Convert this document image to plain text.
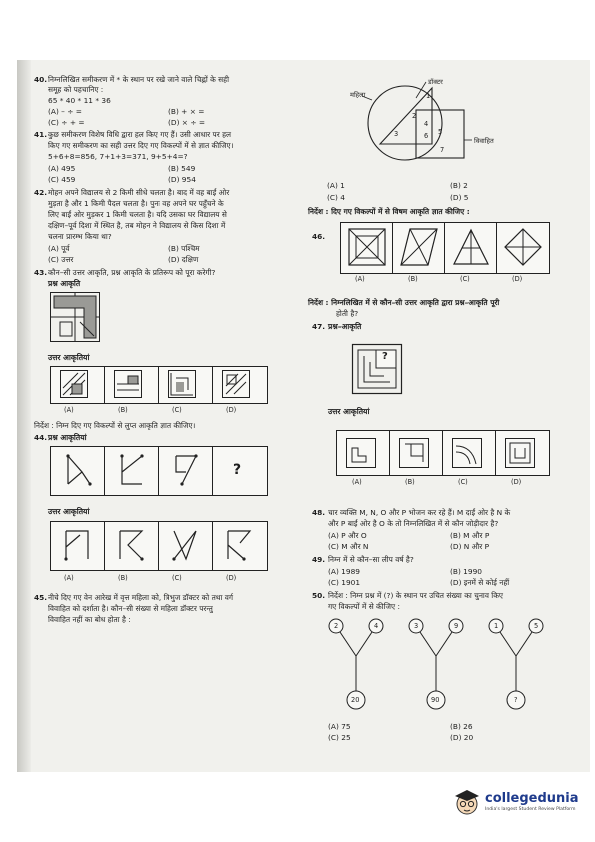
40. निम्नलिखित समीकरण में * के स्थान पर रखे जाने वाले चिह्नों के सही
समूह को पहचानिए :
65 * 40 * 11 * 36
(A) – ÷ =	(B) + × =
(C) ÷ + =	(D) × ÷ =
41. कुछ समीकरण विशेष विधि द्वारा हल किए गए हैं। उसी आधार पर हल
किए गए समीकरण का सही उत्तर दिए गए विकल्पों में से ज्ञात कीजिए।
5+6+8=856, 7+1+3=371, 9+5+4=?
(A) 495	(B) 549
(C) 459	(D) 954
42. मोहन अपने विद्यालय से 2 किमी सीधे चलता है। बाद में वह बाईं ओर
मुड़ता है और 1 किमी पैदल चलता है। पुनः वह अपने घर पहुँचने के
लिए बाईं ओर मुड़कर 1 किमी चलता है। यदि उसका घर विद्यालय से
दक्षिण–पूर्व दिशा में स्थित है, तब मोहन ने विद्यालय से किस दिशा में
चलना प्रारम्भ किया था?
(A) पूर्व	(B) पश्चिम
(C) उत्तर	(D) दक्षिण
43. कौन–सी उत्तर आकृति, प्रश्न आकृति के प्रतिरूप को पूरा करेगी?
प्रश्न आकृति
उत्तर आकृतियां
(A)	(B)	(C)	(D)
निर्देश : निम्न दिए गए विकल्पों से लुप्त आकृति ज्ञात कीजिए।
44. प्रश्न आकृतियां
?
उत्तर आकृतियां
(A)	(B)	(C)	(D)
45. नीचे दिए गए वेन आरेख में वृत्त महिला को, त्रिभुज डॉक्टर को तथा वर्ग
विवाहित को दर्शाता है। कौन–सी संख्या से महिला डॉक्टर परन्तु
विवाहित नहीं का बोध होता है :
महिला
डॉक्टर
विवाहित
1
2
3
4
5
6
7
(A) 1	(B) 2
(C) 4	(D) 5
निर्देश : दिए गए विकल्पों में से विषम आकृति ज्ञात कीजिए :
46.
(A)	(B)	(C)	(D)
निर्देश : निम्नलिखित में से कौन–सी उत्तर आकृति द्वारा प्रश्न–आकृति पूरी
होती है?
47. प्रश्न–आकृति
?
उत्तर आकृतियां
(A)	(B)	(C)	(D)
48. चार व्यक्ति M, N, O और P भोजन कर रहे हैं। M दाईं ओर है N के
और P बाईं ओर है O के तो निम्नलिखित में से कौन जोड़ीदार है?
(A) P और O	(B) M और P
(C) M और N	(D) N और P
49. निम्न में से कौन–सा लीप वर्ष है?
(A) 1989	(B) 1990
(C) 1901	(D) इनमें से कोई नहीं
50. निर्देश : निम्न प्रश्न में (?) के स्थान पर उचित संख्या का चुनाव किए
गए विकल्पों में से कीजिए :
2	4
20
3	9
90
1	5
?
(A) 75	(B) 26
(C) 25	(D) 20
collegedunia
India's largest Student Review Platform
